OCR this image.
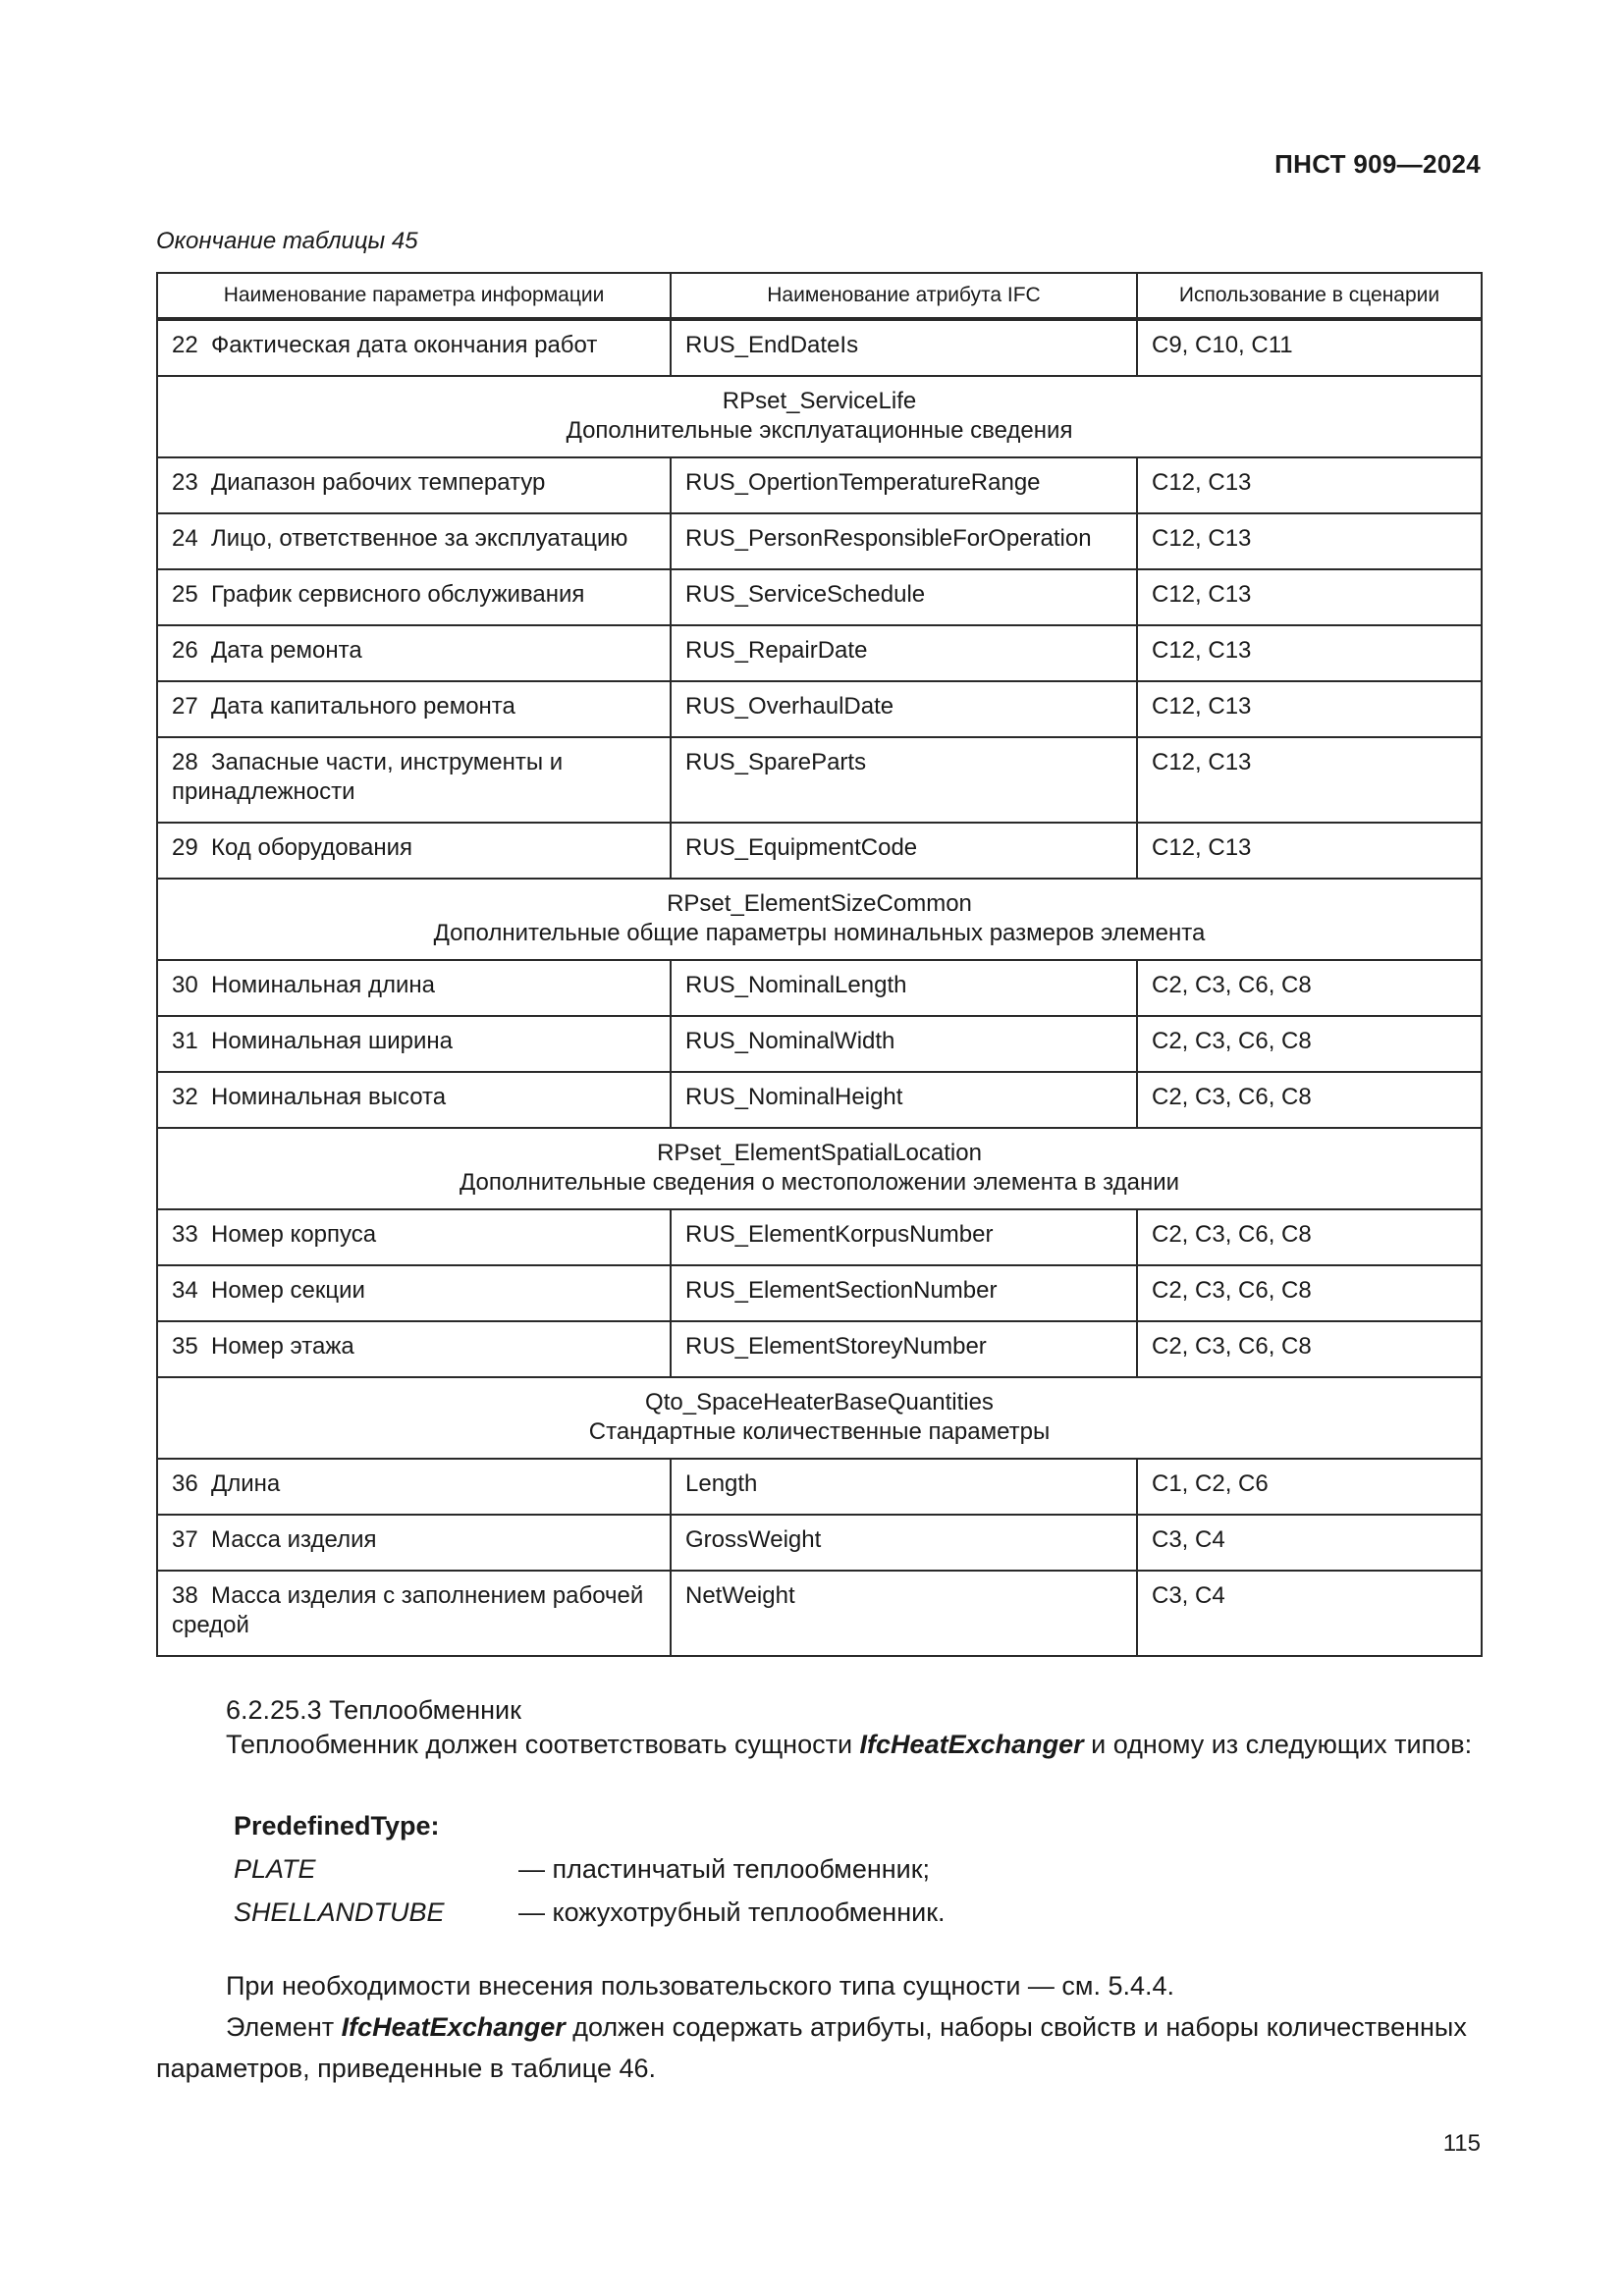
ПНСТ 909—2024
Окончание таблицы 45
Наименование параметра информации	Наименование атрибута IFC	Использование в сценарии
22 Фактическая дата окончания работ	RUS_EndDateIs	C9, C10, C11

RPset_ServiceLife
Дополнительные эксплуатационные сведения		

23 Диапазон рабочих температур	RUS_OpertionTemperatureRange	C12, C13
24 Лицо, ответственное за эксплуатацию	RUS_PersonResponsibleForOperation	C12, C13
25 График сервисного обслуживания	RUS_ServiceSchedule	C12, C13
26 Дата ремонта	RUS_RepairDate	C12, C13
27 Дата капитального ремонта	RUS_OverhaulDate	C12, C13
28 Запасные части, инструменты и принадлежности	RUS_SpareParts	C12, C13
29 Код оборудования	RUS_EquipmentCode	C12, C13

RPset_ElementSizeCommon
Дополнительные общие параметры номинальных размеров элемента		

30 Номинальная длина	RUS_NominalLength	C2, C3, C6, C8
31 Номинальная ширина	RUS_NominalWidth	C2, C3, C6, C8
32 Номинальная высота	RUS_NominalHeight	C2, C3, C6, C8

RPset_ElementSpatialLocation
Дополнительные сведения о местоположении элемента в здании		

33 Номер корпуса	RUS_ElementKorpusNumber	C2, C3, C6, C8
34 Номер секции	RUS_ElementSectionNumber	C2, C3, C6, C8
35 Номер этажа	RUS_ElementStoreyNumber	C2, C3, C6, C8

Qto_SpaceHeaterBaseQuantities
Стандартные количественные параметры		

36 Длина	Length	C1, C2, C6
37 Масса изделия	GrossWeight	C3, C4
38 Масса изделия с заполнением рабочей средой	NetWeight	C3, C4
6.2.25.3 Теплообменник
Теплообменник должен соответствовать сущности IfcHeatExchanger и одному из следующих типов:
PredefinedType:
PLATE	— пластинчатый теплообменник;
SHELLANDTUBE	— кожухотрубный теплообменник.

При необходимости внесения пользовательского типа сущности — см. 5.4.4.

Элемент IfcHeatExchanger должен содержать атрибуты, наборы свойств и наборы количественных параметров, приведенные в таблице 46.

115
